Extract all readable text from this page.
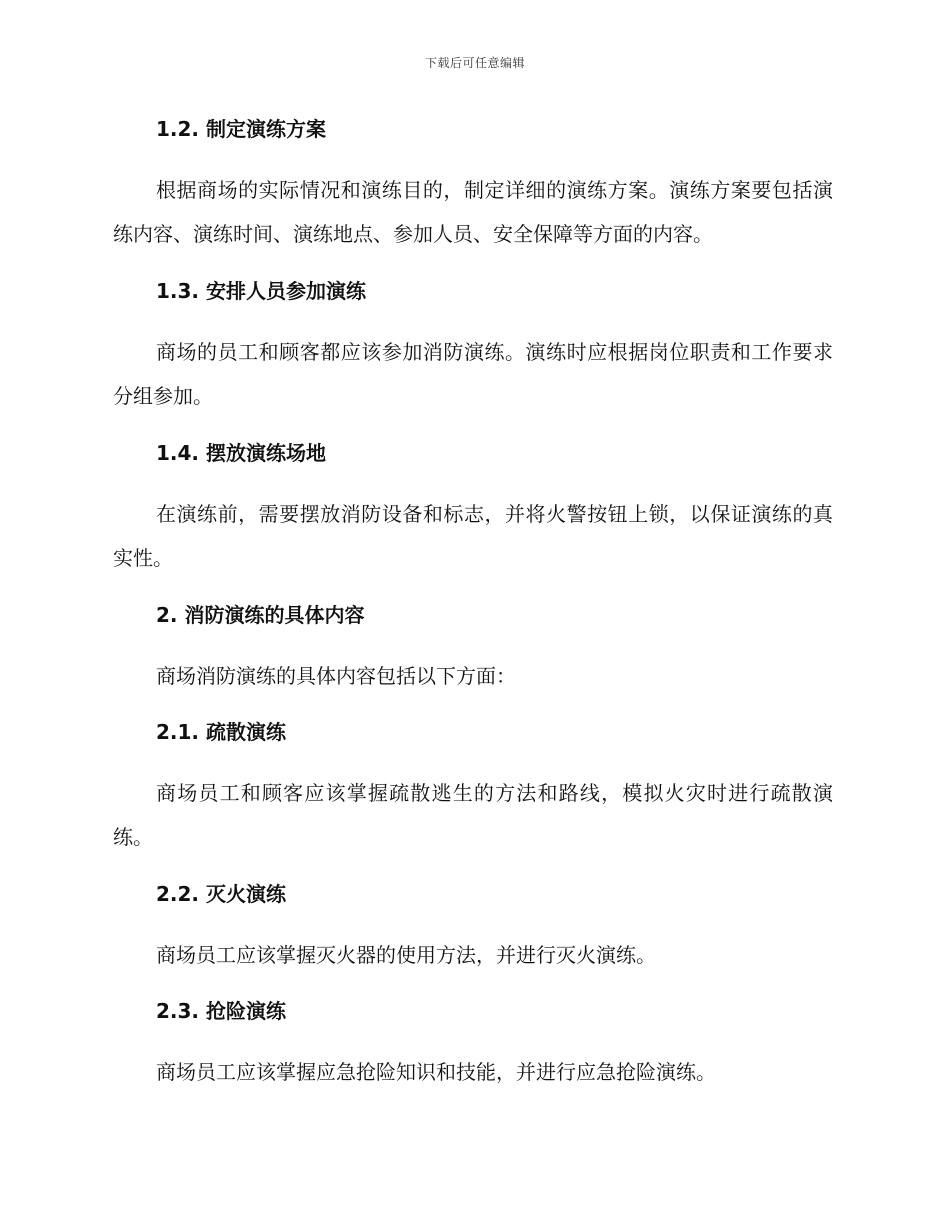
下载后可任意编辑
1.2. 制定演练方案
根据商场的实际情况和演练目的，制定详细的演练方案。演练方案要包括演练内容、演练时间、演练地点、参加人员、安全保障等方面的内容。
1.3. 安排人员参加演练
商场的员工和顾客都应该参加消防演练。演练时应根据岗位职责和工作要求分组参加。
1.4. 摆放演练场地
在演练前，需要摆放消防设备和标志，并将火警按钮上锁，以保证演练的真实性。
2. 消防演练的具体内容
商场消防演练的具体内容包括以下方面：
2.1. 疏散演练
商场员工和顾客应该掌握疏散逃生的方法和路线，模拟火灾时进行疏散演练。
2.2. 灭火演练
商场员工应该掌握灭火器的使用方法，并进行灭火演练。
2.3. 抢险演练
商场员工应该掌握应急抢险知识和技能，并进行应急抢险演练。
